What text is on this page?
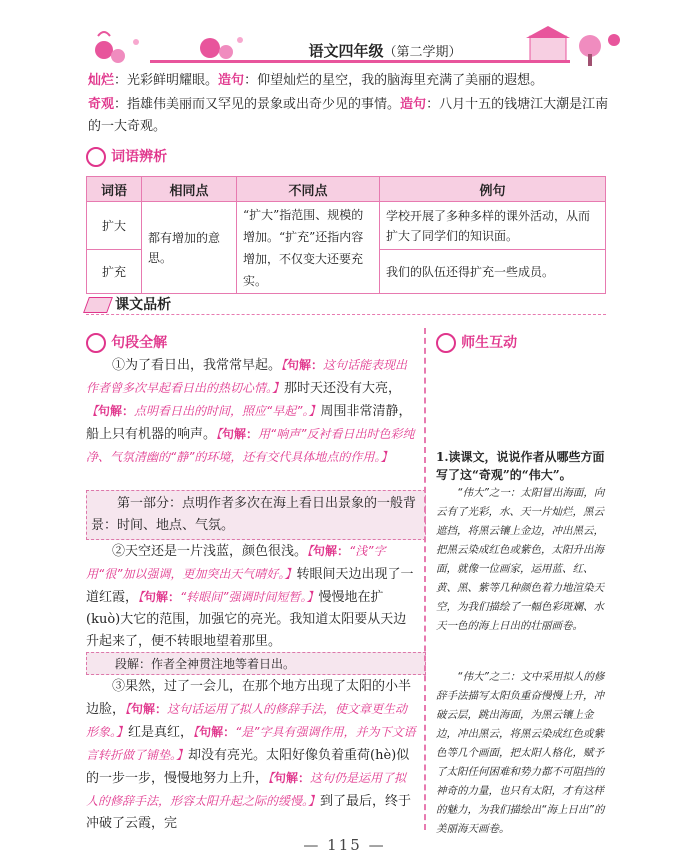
语文四年级（第二学期）
灿烂：光彩鲜明耀眼。造句：仰望灿烂的星空，我的脑海里充满了美丽的遐想。
奇观：指雄伟美丽而又罕见的景象或出奇少见的事情。造句：八月十五的钱塘江大潮是江南的一大奇观。
词语辨析
词语	相同点	不同点	例句
扩大	都有增加的意思。	“扩大”指范围、规模的增加。“扩充”还指内容增加，不仅变大还要充实。	学校开展了多种多样的课外活动，从而扩大了同学们的知识面。
扩充			我们的队伍还得扩充一些成员。
课文品析
句段全解
①为了看日出，我常常早起。【句解：这句话能表现出作者曾多次早起看日出的热切心情。】那时天还没有大亮，【句解：点明看日出的时间，照应“早起”。】周围非常清静，船上只有机器的响声。【句解：用“响声”反衬看日出时色彩纯净、气氛清幽的“静”的环境，还有交代具体地点的作用。】
第一部分：点明作者多次在海上看日出景象的一般背景：时间、地点、气氛。
②天空还是一片浅蓝，颜色很浅。【句解：“浅”字用“很”加以强调，更加突出天气晴好。】转眼间天边出现了一道红霞，【句解：“转眼间”强调时间短暂。】慢慢地在扩(kuò)大它的范围，加强它的亮光。我知道太阳要从天边升起来了，便不转眼地望着那里。
段解：作者全神贯注地等着日出。
③果然，过了一会儿，在那个地方出现了太阳的小半边脸，【句解：这句话运用了拟人的修辞手法，使文章更生动形象。】红是真红，【句解：“是”字具有强调作用，并为下文语言转折做了铺垫。】却没有亮光。太阳好像负着重荷(hè)似的一步一步，慢慢地努力上升，【句解：这句仍是运用了拟人的修辞手法，形容太阳升起之际的缓慢。】到了最后，终于冲破了云霞，完
师生互动
1.读课文，说说作者从哪些方面写了这“奇观”的“伟大”。
“伟大”之一：太阳冒出海面，向云有了光彩，水、天一片灿烂，黑云遮挡，将黑云镶上金边，冲出黑云，把黑云染成红色或紫色，太阳升出海面，就像一位画家，运用蓝、红、黄、黑、紫等几种颜色着力地渲染天空，为我们描绘了一幅色彩斑斓、水天一色的海上日出的壮丽画卷。
“伟大”之二：文中采用拟人的修辞手法描写太阳负重奋慢慢上升，冲破云层，跳出海面，为黑云镶上金边，冲出黑云，将黑云染成红色或紫色等几个画面，把太阳人格化，赋予了太阳任何困难和势力都不可阻挡的神奇的力量，也只有太阳，才有这样的魅力，为我们描绘出“海上日出”的美丽海天画卷。
— 115 —
